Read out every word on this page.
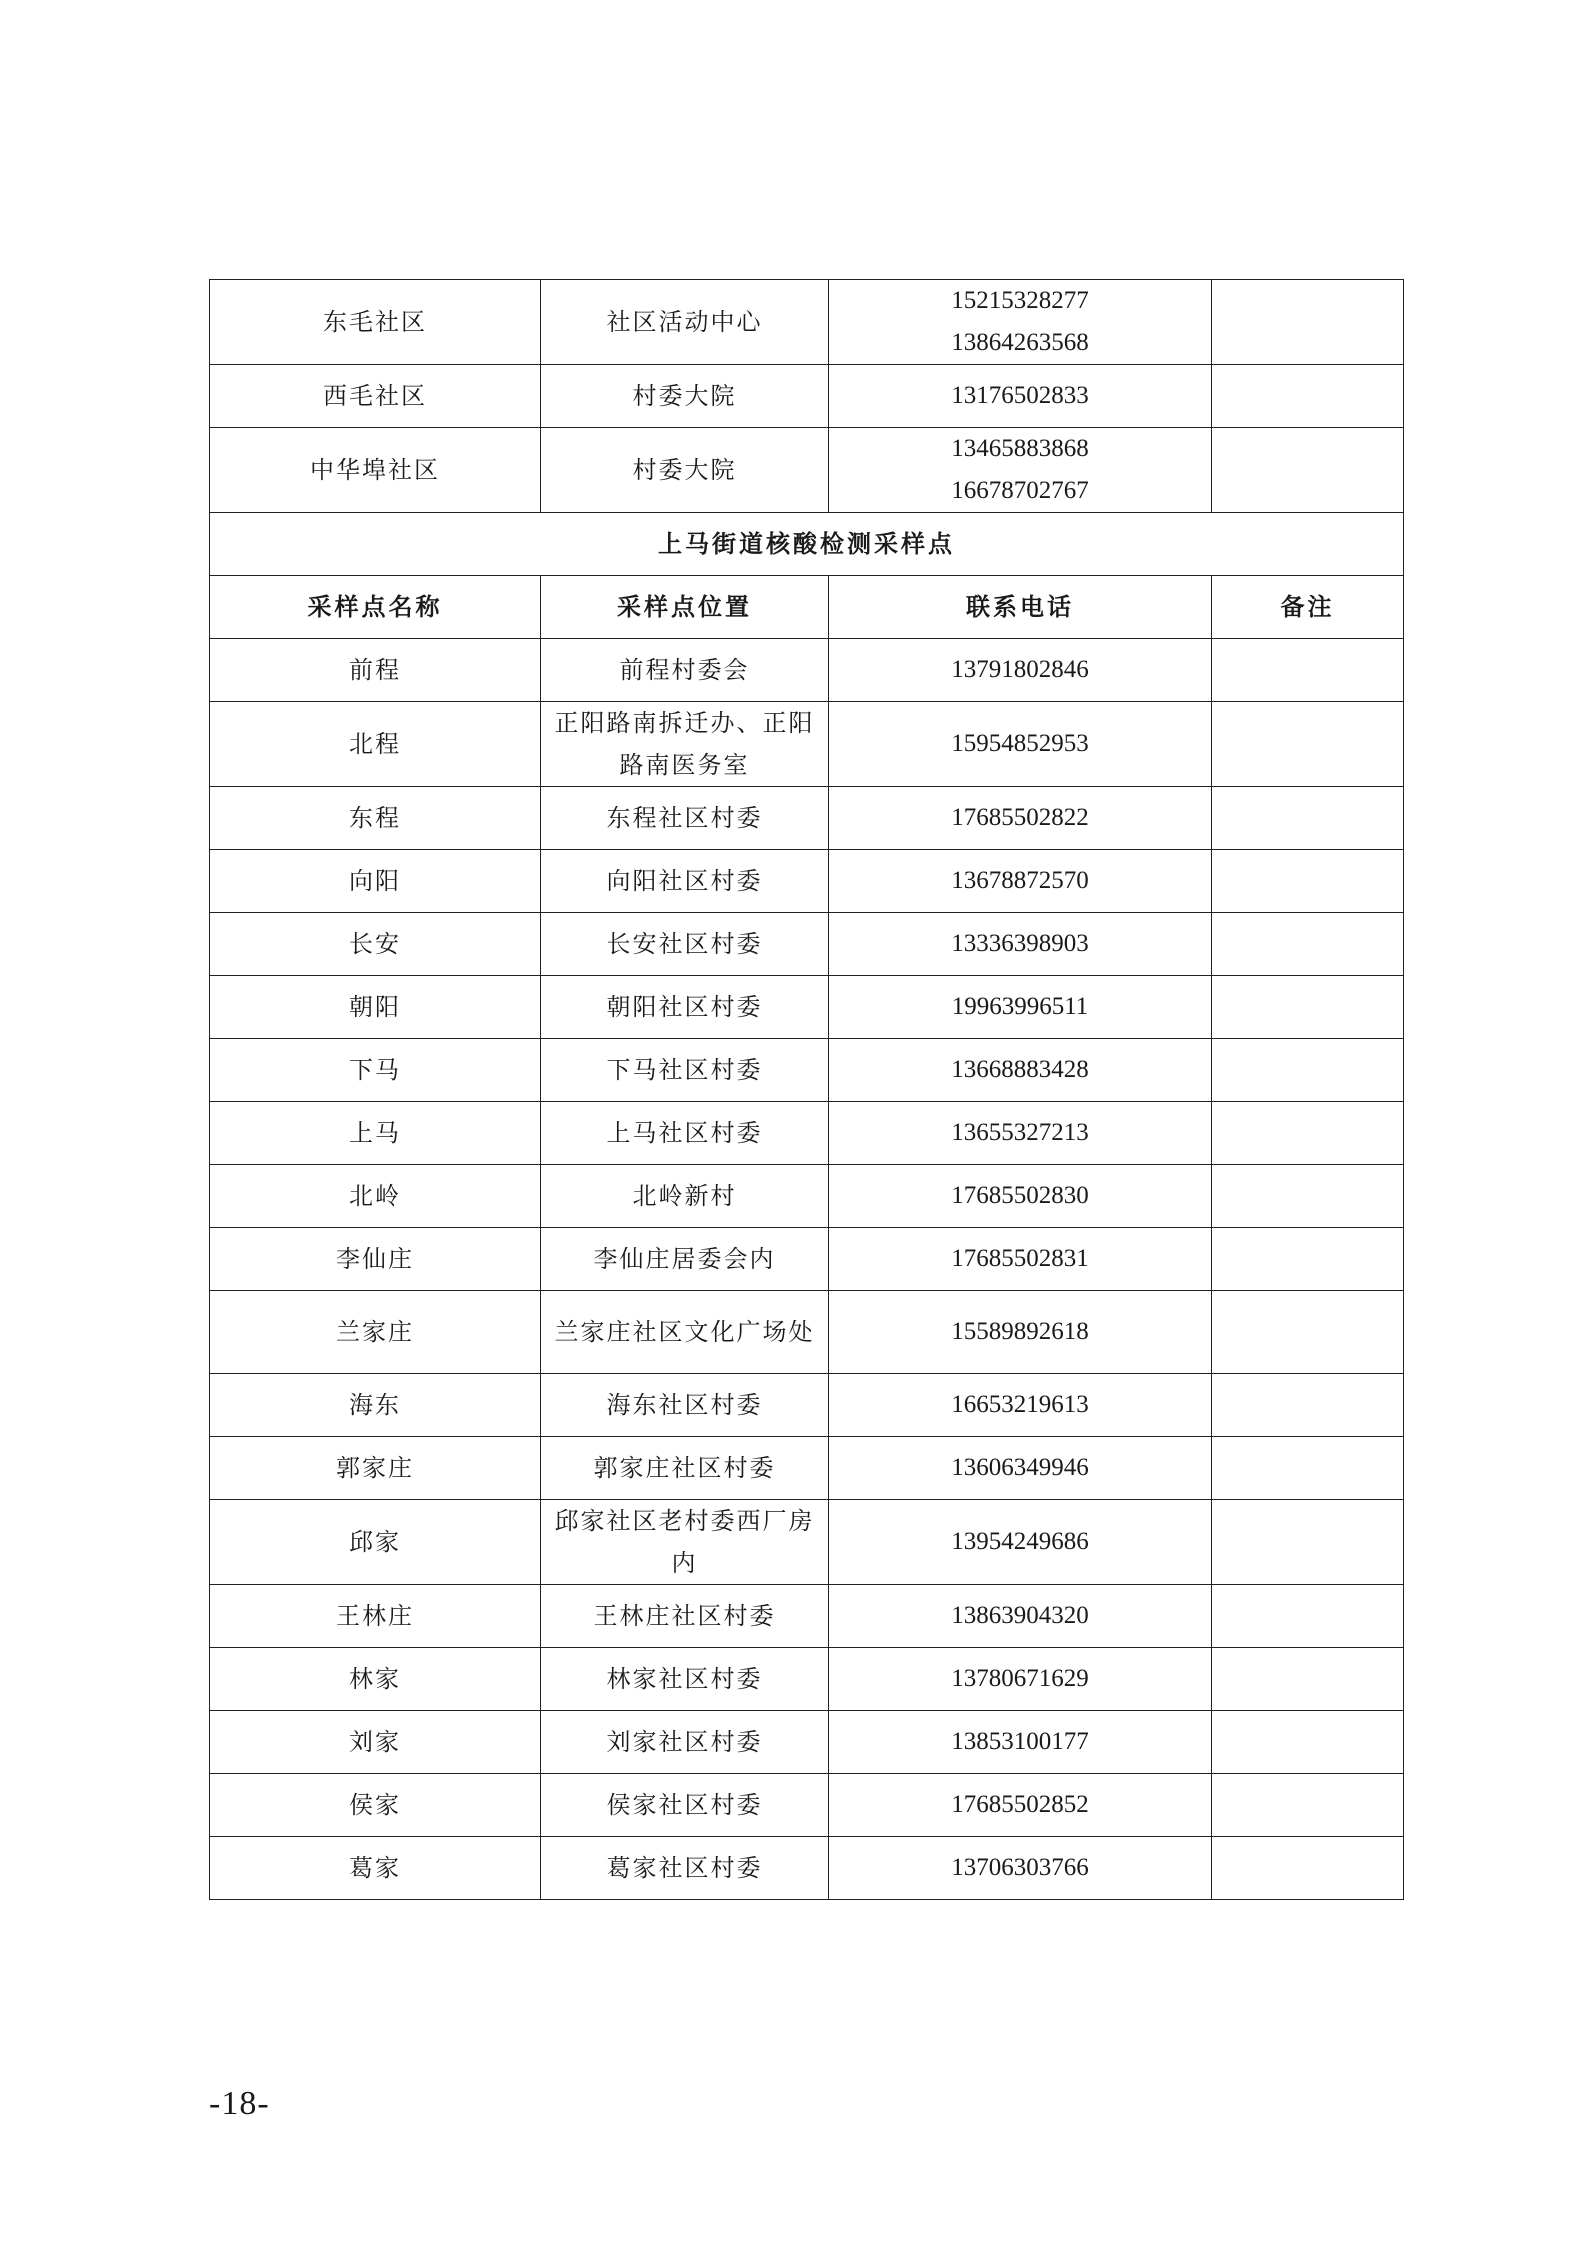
东毛社区	社区活动中心	15215328277
13864263568	

西毛社区	村委大院	13176502833	

中华埠社区	村委大院	13465883868
16678702767	

上马街道核酸检测采样点			
采样点名称	采样点位置	联系电话	备注
前程	前程村委会	13791802846	
北程	正阳路南拆迁办、正阳路南医务室	15954852953	
东程	东程社区村委	17685502822	
向阳	向阳社区村委	13678872570	
长安	长安社区村委	13336398903	
朝阳	朝阳社区村委	19963996511	
下马	下马社区村委	13668883428	
上马	上马社区村委	13655327213	
北岭	北岭新村	17685502830	
李仙庄	李仙庄居委会内	17685502831	
兰家庄	兰家庄社区文化广场处	15589892618	
海东	海东社区村委	16653219613	
郭家庄	郭家庄社区村委	13606349946	
邱家	邱家社区老村委西厂房内	13954249686	
王林庄	王林庄社区村委	13863904320	
林家	林家社区村委	13780671629	
刘家	刘家社区村委	13853100177	
侯家	侯家社区村委	17685502852	
葛家	葛家社区村委	13706303766	
-18-
